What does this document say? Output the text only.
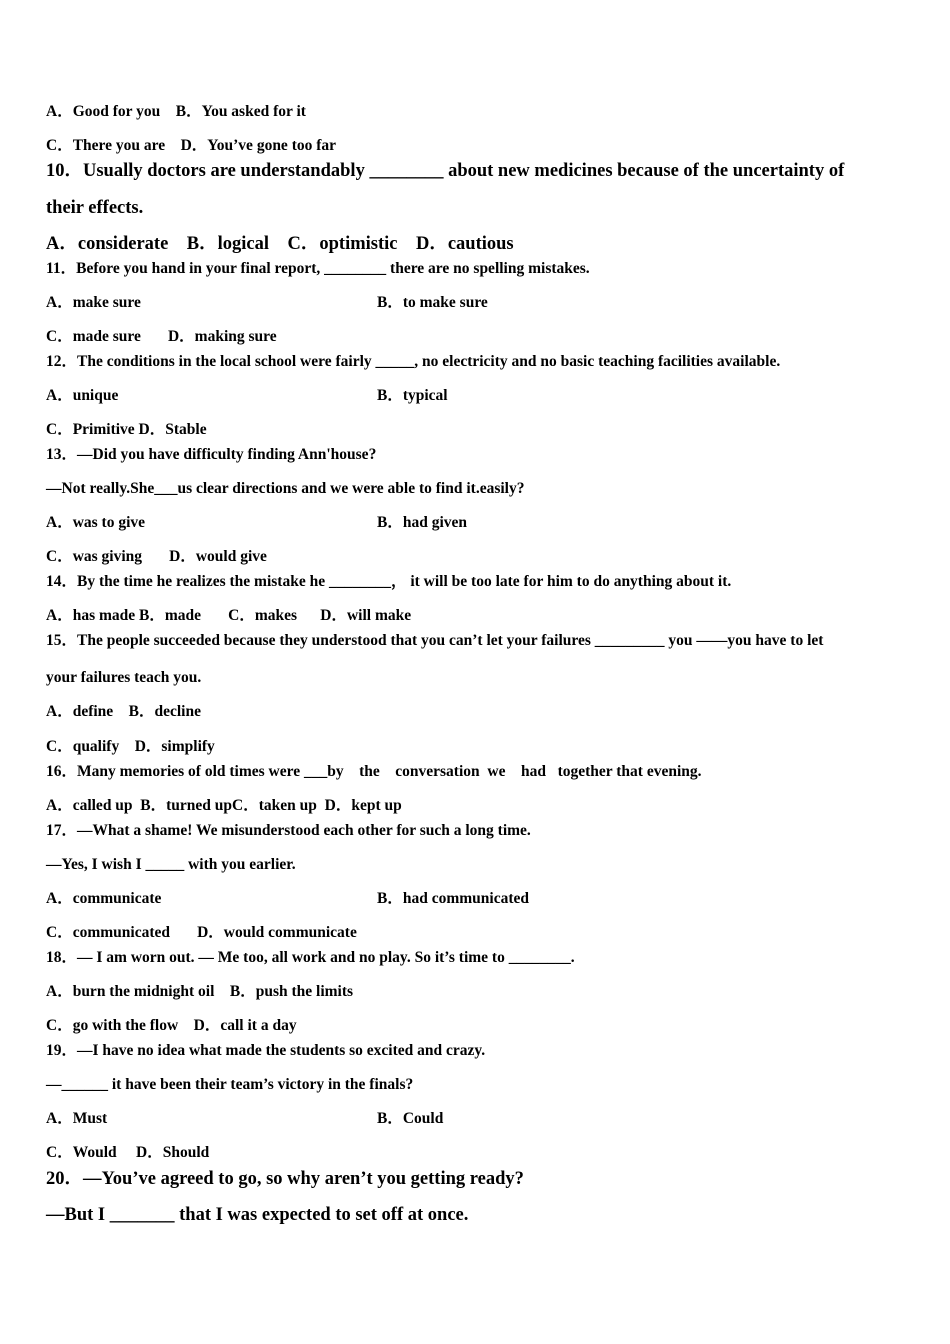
A．Good for you    B．You asked for it
C．There you are    D．You’ve gone too far
10．Usually doctors are understandably ________ about new medicines because of the uncertainty of
their effects.
A．considerate    B．logical    C．optimistic    D．cautious
11．Before you hand in your final report, ________ there are no spelling mistakes.
A．make sure	B．to make sure
C．made sure       D．making sure
12．The conditions in the local school were fairly _____, no electricity and no basic teaching facilities available.
A．unique	B．typical
C．Primitive D．Stable
13．—Did you have difficulty finding Ann'house?
—Not really.She___us clear directions and we were able to find it.easily?
A．was to give	B．had given
C．was giving       D．would give
14．By the time he realizes the mistake he ________， it will be too late for him to do anything about it.
A．has made B．made       C．makes      D．will make
15．The people succeeded because they understood that you can’t let your failures _________ you ——you have to let
your failures teach you.
A．define    B．decline
C．qualify    D．simplify
16．Many memories of old times were ___by    the    conversation  we    had   together that evening.
A．called up  B．turned upC．taken up  D．kept up
17．—What a shame! We misunderstood each other for such a long time.
—Yes, I wish I _____ with you earlier.
A．communicate	B．had communicated
C．communicated       D．would communicate
18．— I am worn out. — Me too, all work and no play. So it’s time to ________.
A．burn the midnight oil    B．push the limits
C．go with the flow    D．call it a day
19．—I have no idea what made the students so excited and crazy.
—______ it have been their team’s victory in the finals?
A．Must	B．Could
C．Would     D．Should
20．—You’ve agreed to go, so why aren’t you getting ready?
—But I _______ that I was expected to set off at once.
